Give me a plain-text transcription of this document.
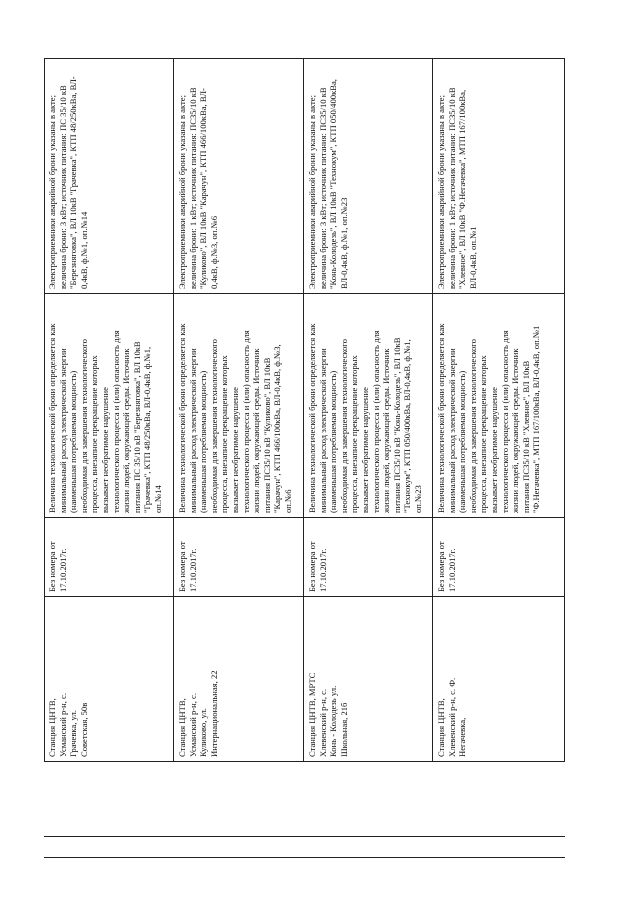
Станция ЦНТВ,
Усманский р-н, с.
Грачевка, ул.
Советская, 50в
Без номера от
17.10.2017г.
Величина технологической брони определяется как
минимальный расход электрической энергии
(наименьшая потребляемая мощность)
необходимая для завершения технологического
процесса, внезапное прекращение которых
вызывает необратимое нарушение
технологического процесса и (или) опасность для
жизни людей, окружающей среды. Источник
питания ПС 35/10 кВ "Березняговка", ВЛ 10кВ
"Грачевка", КТП 48/250кВа, ВЛ-0,4кВ, ф.№1,
оп.№14
Электроприемники аварийной брони указаны в акте;
величина брони: 3 кВт; источник питания: ПС 35/10 кВ
"Березняговка", ВЛ 10кВ "Грачевка", КТП 48/250кВа, ВЛ-
0,4кВ, ф.№1, оп.№14
Станция ЦНТВ,
Усманский р-н, с.
Куликово, ул.
Интернациональная, 22
Без номера от
17.10.2017г.
Величина технологической брони определяется как
минимальный расход электрической энергии
(наименьшая потребляемая мощность)
необходимая для завершения технологического
процесса, внезапное прекращение которых
вызывает необратимое нарушение
технологического процесса и (или) опасность для
жизни людей, окружающей среды. Источник
питания ПС35/10 кВ "Куликово", ВЛ 10кВ
"Карачун", КТП 466/100кВа, ВЛ-0,4кВ, ф.№3,
оп.№6
Электроприемники аварийной брони указаны в акте;
величина брони: 1 кВт; источник питания: ПС35/10 кВ
"Куликово", ВЛ 10кВ "Карачун", КТП 466/100кВа, ВЛ-
0,4кВ, ф.№3, оп.№6
Станция ЦНТВ, МРТС
Хлевенский р-н, с.
Конь - Колодезь ул.
Школьная, 21б
Без номера от
17.10.2017г.
Величина технологической брони определяется как
минимальный расход электрической энергии
(наименьшая потребляемая мощность)
необходимая для завершения технологического
процесса, внезапное прекращение которых
вызывает необратимое нарушение
технологического процесса и (или) опасность для
жизни людей, окружающей среды. Источник
питания ПС35/10 кВ "Конь-Колодезь", ВЛ 10кВ
"Технокум", КТП 050/400кВа, ВЛ-0,4кВ, ф.№1,
оп.№23
Электроприемники аварийной брони указаны в акте;
величина брони: 3 кВт; источник питания: ПС35/10 кВ
"Конь-Колодезь", ВЛ 10кВ "Технокум", КТП 050/400кВа,
ВЛ-0,4кВ, ф.№1, оп.№23
Станция ЦНТВ,
Хлевенский р-н, с. Ф.
Негачевка,
Без номера от
17.10.2017г.
Величина технологической брони определяется как
минимальный расход электрической энергии
(наименьшая потребляемая мощность)
необходимая для завершения технологического
процесса, внезапное прекращение которых
вызывает необратимое нарушение
технологического процесса и (или) опасность для
жизни людей, окружающей среды. Источник
питания ПС35/10 кВ "Хлевное", ВЛ 10кВ
"Ф.Негачевка", МТП 167/100кВа, ВЛ-0,4кВ, оп.№1
Электроприемники аварийной брони указаны в акте;
величина брони: 1 кВт; источник питания: ПС35/10 кВ
"Хлевное", ВЛ 10кВ "Ф.Негачевка", МТП 167/100кВа,
ВЛ-0,4кВ, оп.№1
